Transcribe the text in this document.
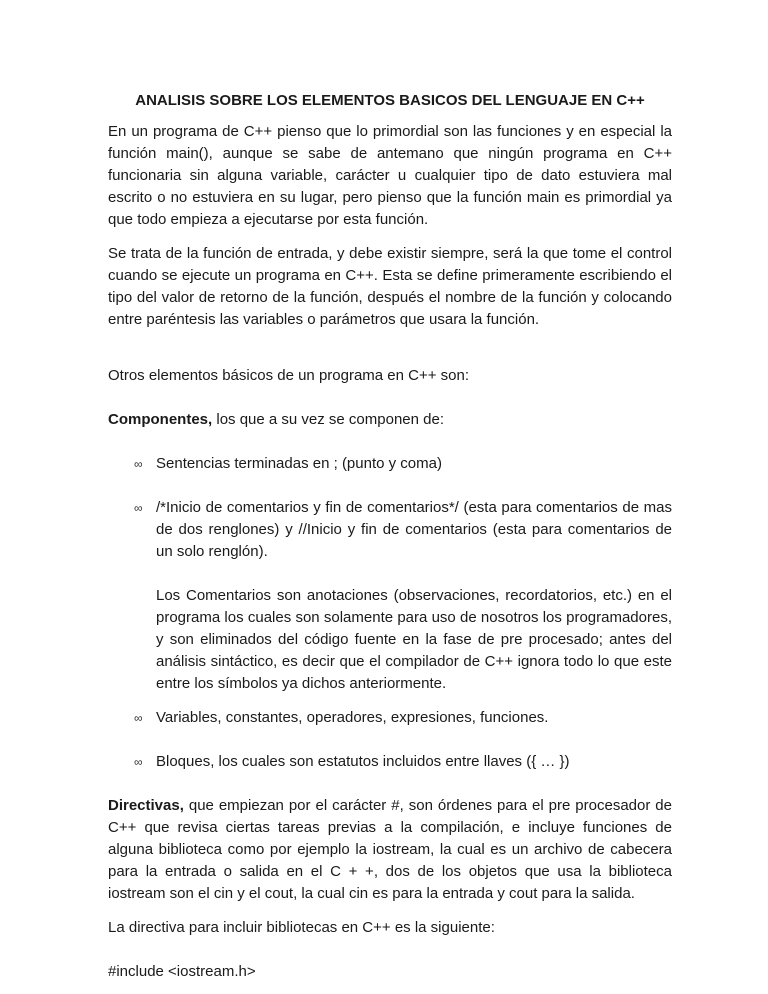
ANALISIS SOBRE LOS ELEMENTOS BASICOS DEL LENGUAJE EN C++

En un programa de C++ pienso que lo primordial son las funciones y en especial la función main(), aunque se sabe de antemano que ningún programa en C++ funcionaria sin alguna variable, carácter u cualquier tipo de dato estuviera mal escrito o no estuviera en su lugar, pero pienso que la función main es primordial ya que todo empieza a ejecutarse por esta función.

Se trata de la función de entrada, y debe existir siempre, será la que tome el control cuando se ejecute un programa en C++. Esta se define primeramente escribiendo el tipo del valor de retorno de la función, después el nombre de la función y colocando entre paréntesis las variables o parámetros que usara la función.

Otros elementos básicos de un programa en C++ son:

Componentes, los que a su vez se componen de:

∞ Sentencias terminadas en ; (punto y coma)
∞ /*Inicio de comentarios y fin de comentarios*/ (esta para comentarios de mas de dos renglones) y //Inicio y fin de comentarios (esta para comentarios de un solo renglón).
Los Comentarios son anotaciones (observaciones, recordatorios, etc.) en el programa los cuales son solamente para uso de nosotros los programadores, y son eliminados del código fuente en la fase de pre procesado; antes del análisis sintáctico, es decir que el compilador de C++ ignora todo lo que este entre los símbolos ya dichos anteriormente.
∞ Variables, constantes, operadores, expresiones, funciones.
∞ Bloques, los cuales son estatutos incluidos entre llaves ({ … })

Directivas, que empiezan por el carácter #, son órdenes para el pre procesador de C++ que revisa ciertas tareas previas a la compilación, e incluye funciones de alguna biblioteca como por ejemplo la iostream, la cual es un archivo de cabecera para la entrada o salida en el C + +, dos de los objetos que usa la biblioteca iostream son el cin y el cout, la cual cin es para la entrada y cout para la salida.

La directiva para incluir bibliotecas en C++ es la siguiente:

#include <iostream.h>
